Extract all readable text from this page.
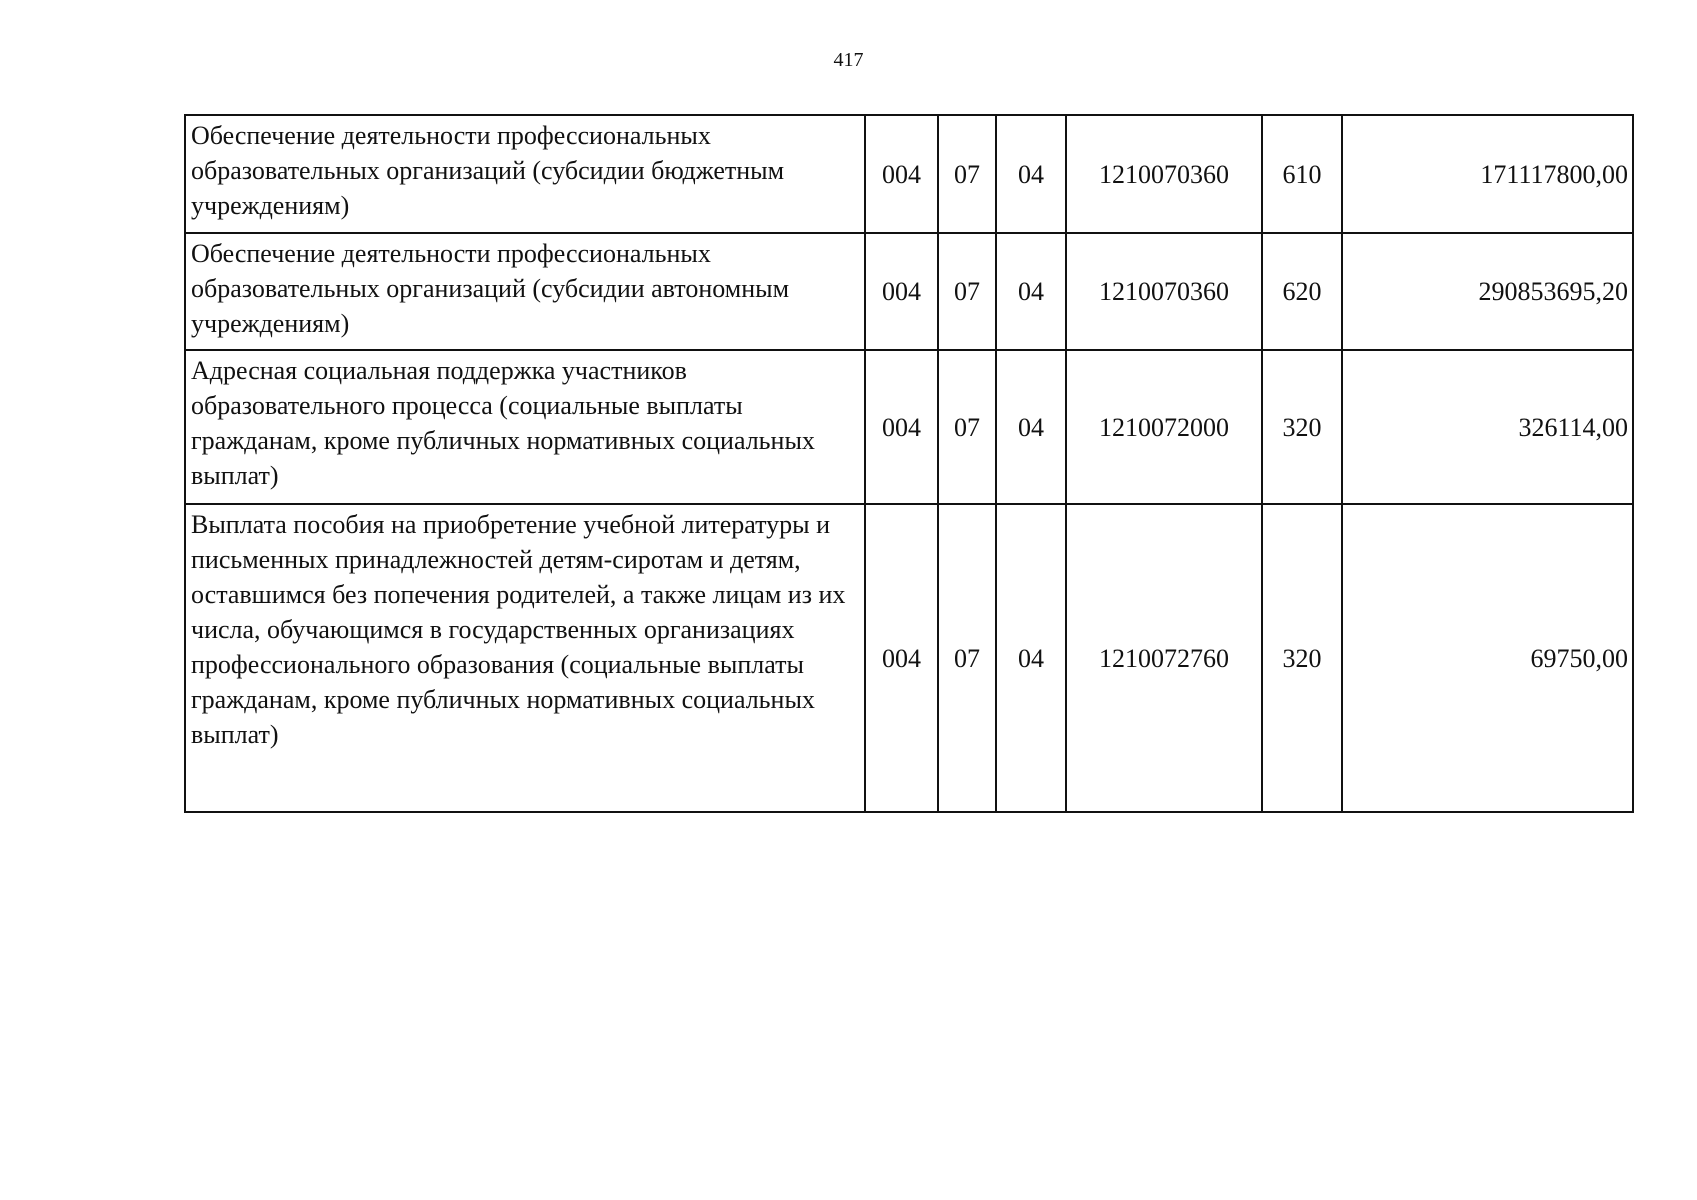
417
Обеспечение деятельности профессиональных образовательных организаций (субсидии бюджетным учреждениям)	004	07	04	1210070360	610	171117800,00
Обеспечение деятельности профессиональных образовательных организаций (субсидии автономным учреждениям)	004	07	04	1210070360	620	290853695,20
Адресная социальная поддержка участников образовательного процесса (социальные выплаты гражданам, кроме публичных нормативных социальных выплат)	004	07	04	1210072000	320	326114,00
Выплата пособия на приобретение учебной литературы и письменных принадлежностей детям-сиротам и детям, оставшимся без попечения родителей, а также лицам из их числа, обучающимся в государственных организациях профессионального образования (социальные выплаты гражданам, кроме публичных нормативных социальных выплат)	004	07	04	1210072760	320	69750,00
